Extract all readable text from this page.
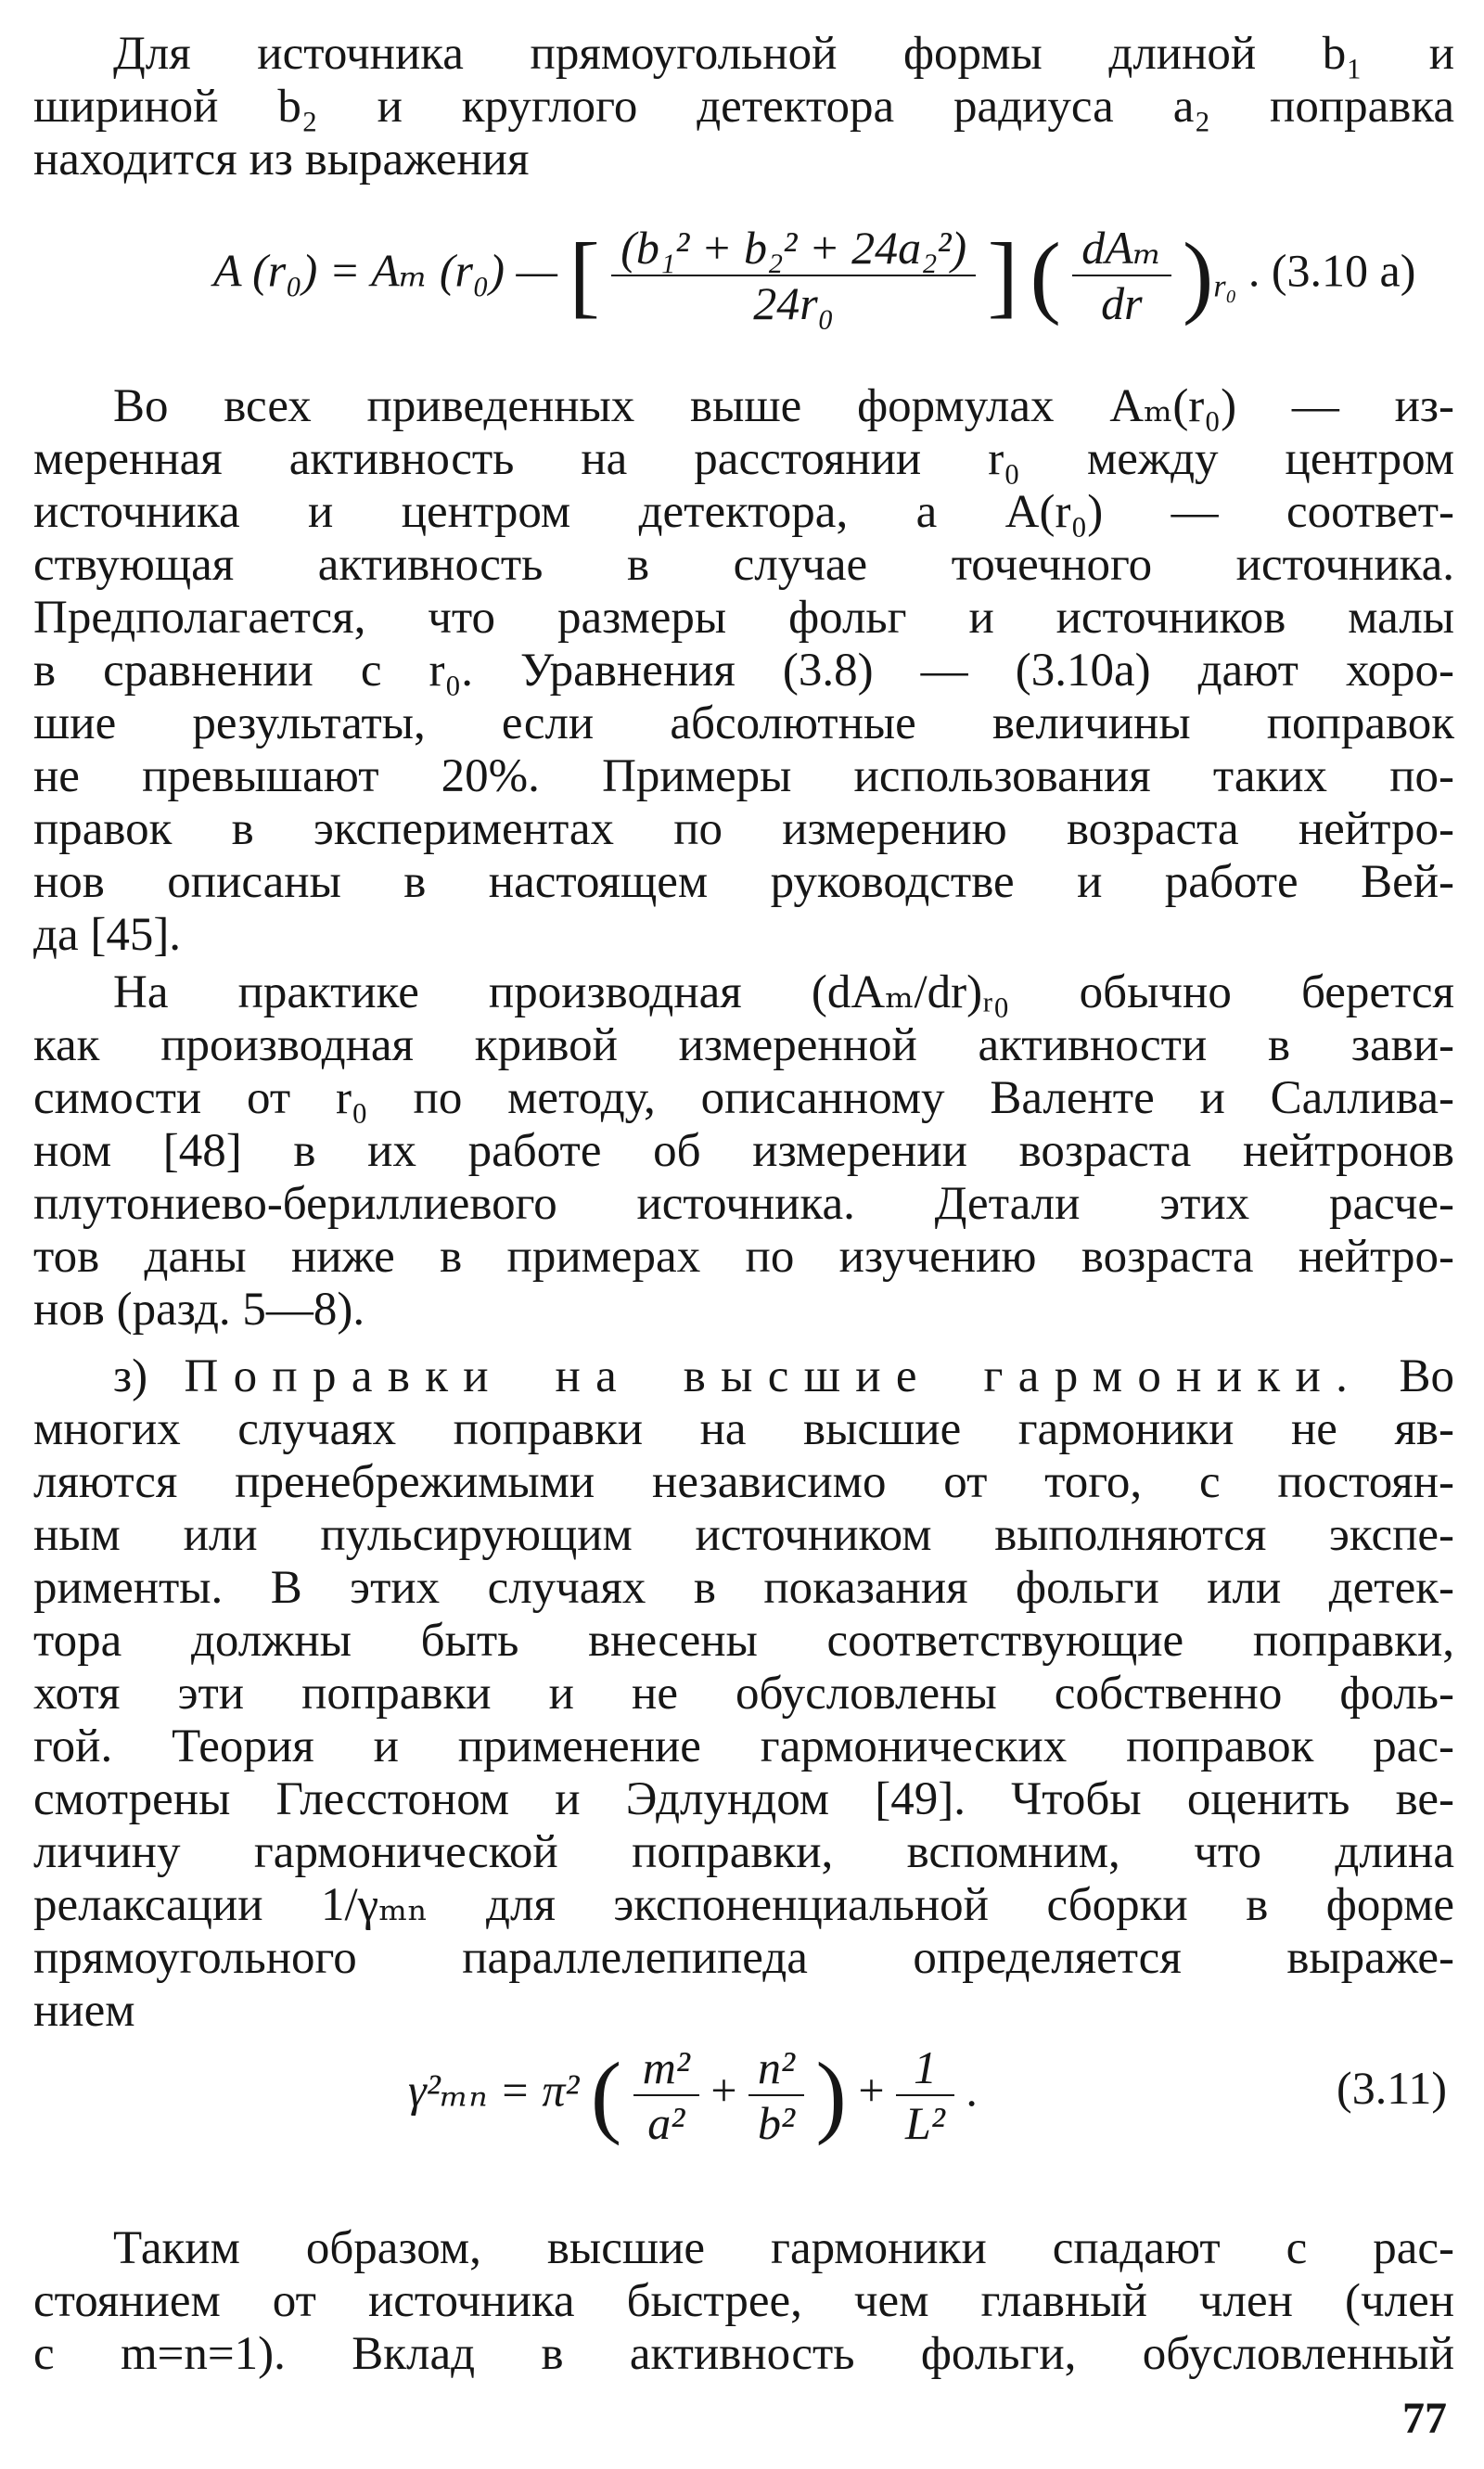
Для источника прямоугольной формы длиной b₁ и
шириной b₂ и круглого детектора радиуса a₂ поправка
находится из выражения
A (r₀) = Aₘ (r₀) — [ $\frac{\text{(b₁² + b₂² + 24a₂²)}}{\text{24r₀}}$ ] ( $\frac{\text{dAₘ}}{dr} )_{r_0}$ . (3.10 a)
Во всех приведенных выше формулах Aₘ(r₀) — из-
меренная активность на расстоянии r₀ между центром
источника и центром детектора, а A(r₀) — соответ-
ствующая активность в случае точечного источника.
Предполагается, что размеры фольг и источников малы
в сравнении с r₀. Уравнения (3.8) — (3.10а) дают хоро-
шие результаты, если абсолютные величины поправок
не превышают 20%. Примеры использования таких по-
правок в экспериментах по измерению возраста нейтро-
нов описаны в настоящем руководстве и работе Вей-
да [45].
На практике производная (dAₘ/dr)ᵣ₀ обычно берется
как производная кривой измеренной активности в зави-
симости от r₀ по методу, описанному Валенте и Саллива-
ном [48] в их работе об измерении возраста нейтронов
плутониево-бериллиевого источника. Детали этих расче-
тов даны ниже в примерах по изучению возраста нейтро-
нов (разд. 5—8).
з) Поправки на высшие гармоники. Во
многих случаях поправки на высшие гармоники не яв-
ляются пренебрежимыми независимо от того, с постоян-
ным или пульсирующим источником выполняются экспе-
рименты. В этих случаях в показания фольги или детек-
тора должны быть внесены соответствующие поправки,
хотя эти поправки и не обусловлены собственно фоль-
гой. Теория и применение гармонических поправок рас-
смотрены Глесстоном и Эдлундом [49]. Чтобы оценить ве-
личину гармонической поправки, вспомним, что длина
релаксации 1/γₘₙ для экспоненциальной сборки в форме
прямоугольного параллелепипеда определяется выраже-
нием
γ²ₘₙ = π² ( $\frac{\text{m²}}{\text{a²}} + \frac{\text{n²}}{\text{b²}}$ ) + $\frac{1}{\text{L²}}$ .	(3.11)
Таким образом, высшие гармоники спадают с рас-
стоянием от источника быстрее, чем главный член (член
с m=n=1). Вклад в активность фольги, обусловленный
77
